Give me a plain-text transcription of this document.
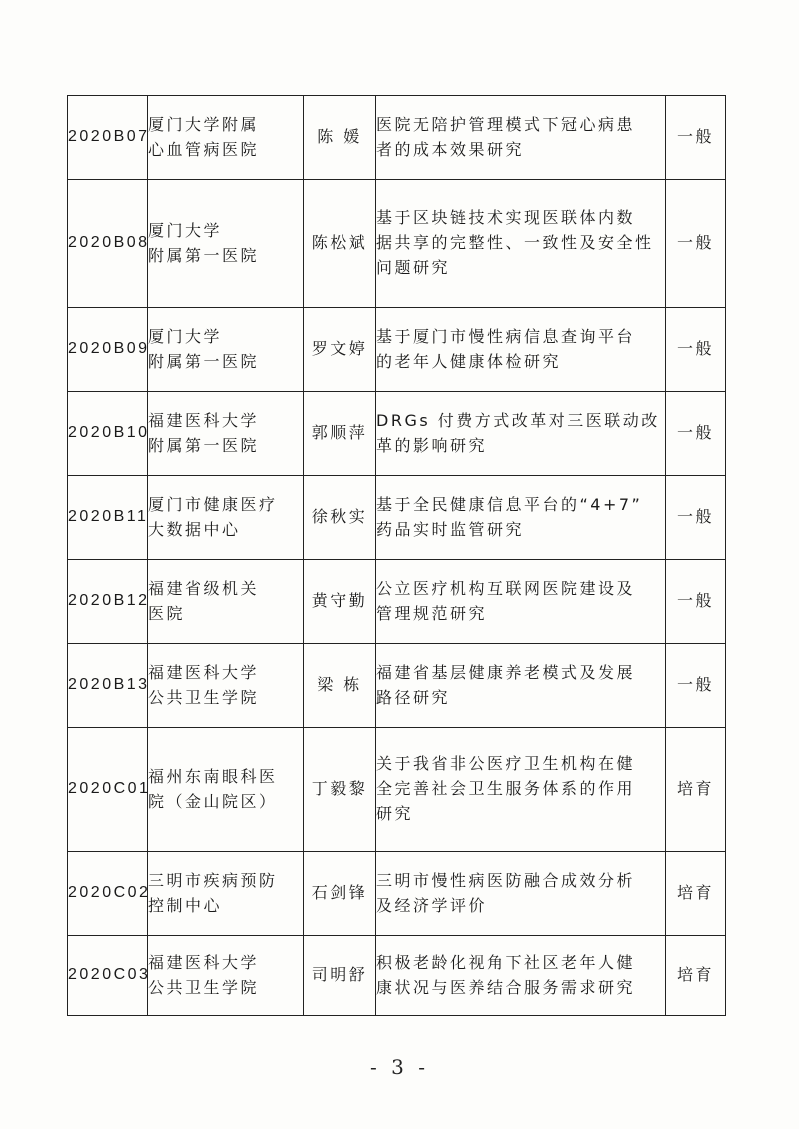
2020B07	厦门大学附属
心血管病医院	陈 媛	医院无陪护管理模式下冠心病患
者的成本效果研究	一般

2020B08	厦门大学
附属第一医院	陈松斌	基于区块链技术实现医联体内数
据共享的完整性、一致性及安全性
问题研究	一般

2020B09	厦门大学
附属第一医院	罗文婷	基于厦门市慢性病信息查询平台
的老年人健康体检研究	一般

2020B10	福建医科大学
附属第一医院	郭顺萍	DRGs 付费方式改革对三医联动改
革的影响研究	一般

2020B11	厦门市健康医疗
大数据中心	徐秋实	基于全民健康信息平台的“4+7”
药品实时监管研究	一般

2020B12	福建省级机关
医院	黄守勤	公立医疗机构互联网医院建设及
管理规范研究	一般

2020B13	福建医科大学
公共卫生学院	梁 栋	福建省基层健康养老模式及发展
路径研究	一般

2020C01	福州东南眼科医
院（金山院区）	丁毅黎	关于我省非公医疗卫生机构在健
全完善社会卫生服务体系的作用
研究	培育

2020C02	三明市疾病预防
控制中心	石剑锋	三明市慢性病医防融合成效分析
及经济学评价	培育

2020C03	福建医科大学
公共卫生学院	司明舒	积极老龄化视角下社区老年人健
康状况与医养结合服务需求研究	培育
- 3 -
